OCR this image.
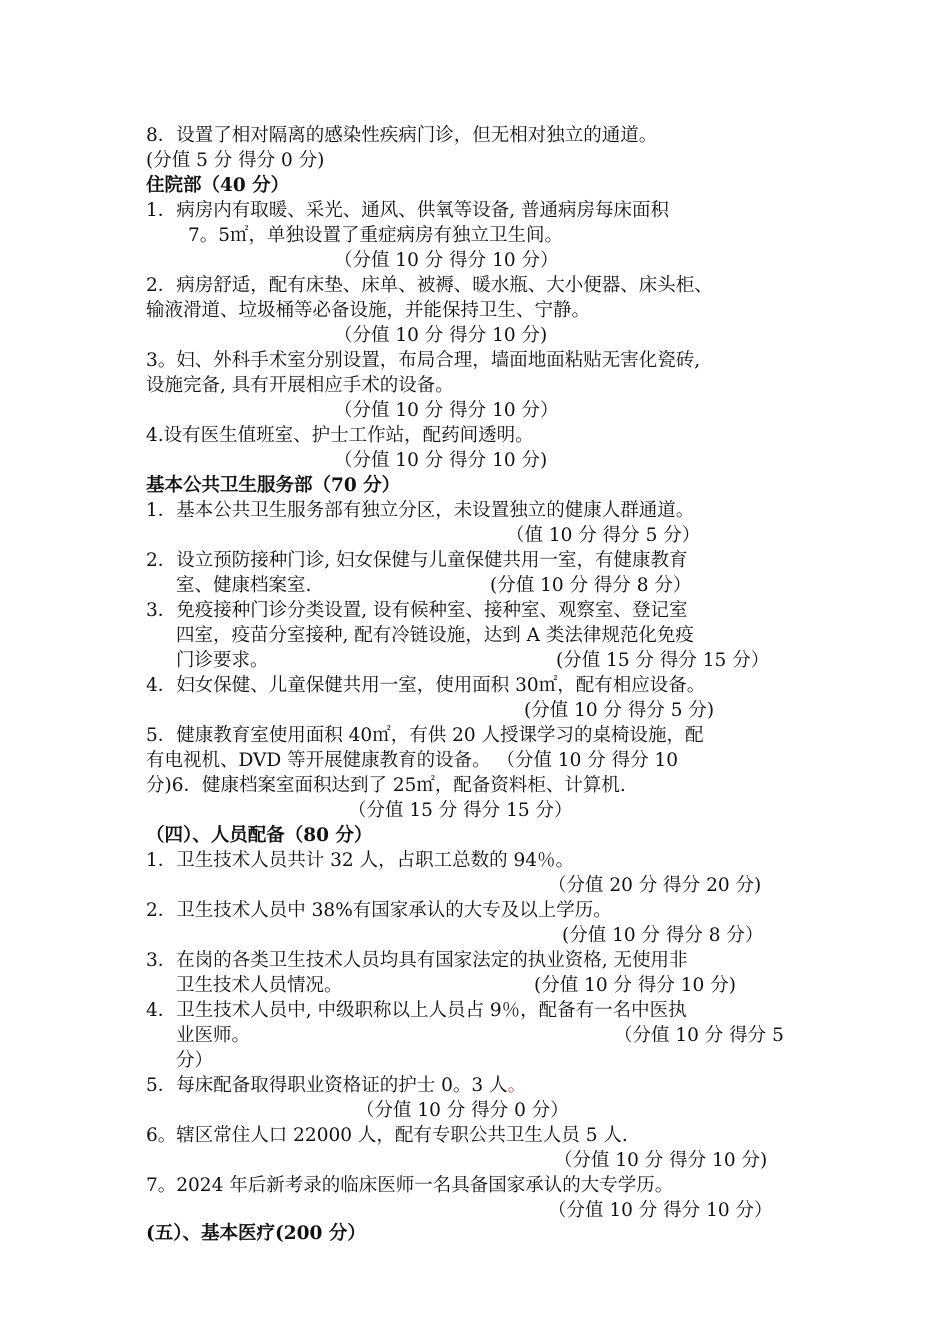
8．设置了相对隔离的感染性疾病门诊，但无相对独立的通道。
(分值 5 分 得分 0 分)
住院部（40 分）
1．病房内有取暖、采光、通风、供氧等设备, 普通病房每床面积
7。5㎡，单独设置了重症病房有独立卫生间。
（分值 10 分 得分 10 分）
2．病房舒适，配有床垫、床单、被褥、暖水瓶、大小便器、床头柜、
输液滑道、垃圾桶等必备设施，并能保持卫生、宁静。
（分值 10 分 得分 10 分)
3。妇、外科手术室分别设置，布局合理，墙面地面粘贴无害化瓷砖,
设施完备, 具有开展相应手术的设备。
（分值 10 分 得分 10 分）
4.设有医生值班室、护士工作站，配药间透明。
（分值 10 分 得分 10 分)
基本公共卫生服务部（70 分）
1．基本公共卫生服务部有独立分区，未设置独立的健康人群通道。
（值 10 分 得分 5 分）
2．设立预防接种门诊, 妇女保健与儿童保健共用一室，有健康教育
室、健康档案室.	(分值 10 分 得分 8 分）
3．免疫接种门诊分类设置, 设有候种室、接种室、观察室、登记室
四室，疫苗分室接种, 配有冷链设施，达到 A 类法律规范化免疫
门诊要求。	(分值 15 分 得分 15 分）
4．妇女保健、儿童保健共用一室，使用面积 30㎡，配有相应设备。
(分值 10 分 得分 5 分)
5．健康教育室使用面积 40㎡，有供 20 人授课学习的桌椅设施，配
有电视机、DVD 等开展健康教育的设备。 （分值 10 分 得分 10
分)6．健康档案室面积达到了 25㎡，配备资料柜、计算机.
（分值 15 分 得分 15 分）
（四）、人员配备（80 分）
1．卫生技术人员共计 32 人，占职工总数的 94％。
（分值 20 分 得分 20 分)
2．卫生技术人员中 38%有国家承认的大专及以上学历。
(分值 10 分 得分 8 分）
3．在岗的各类卫生技术人员均具有国家法定的执业资格, 无使用非
卫生技术人员情况。	(分值 10 分 得分 10 分)
4．卫生技术人员中, 中级职称以上人员占 9％，配备有一名中医执
业医师。	（分值 10 分 得分 5
分）
5．每床配备取得职业资格证的护士 0。3 人。
（分值 10 分 得分 0 分）
6。辖区常住人口 22000 人，配有专职公共卫生人员 5 人.
（分值 10 分 得分 10 分)
7。2024 年后新考录的临床医师一名具备国家承认的大专学历。
（分值 10 分 得分 10 分）
(五）、基本医疗(200 分）
